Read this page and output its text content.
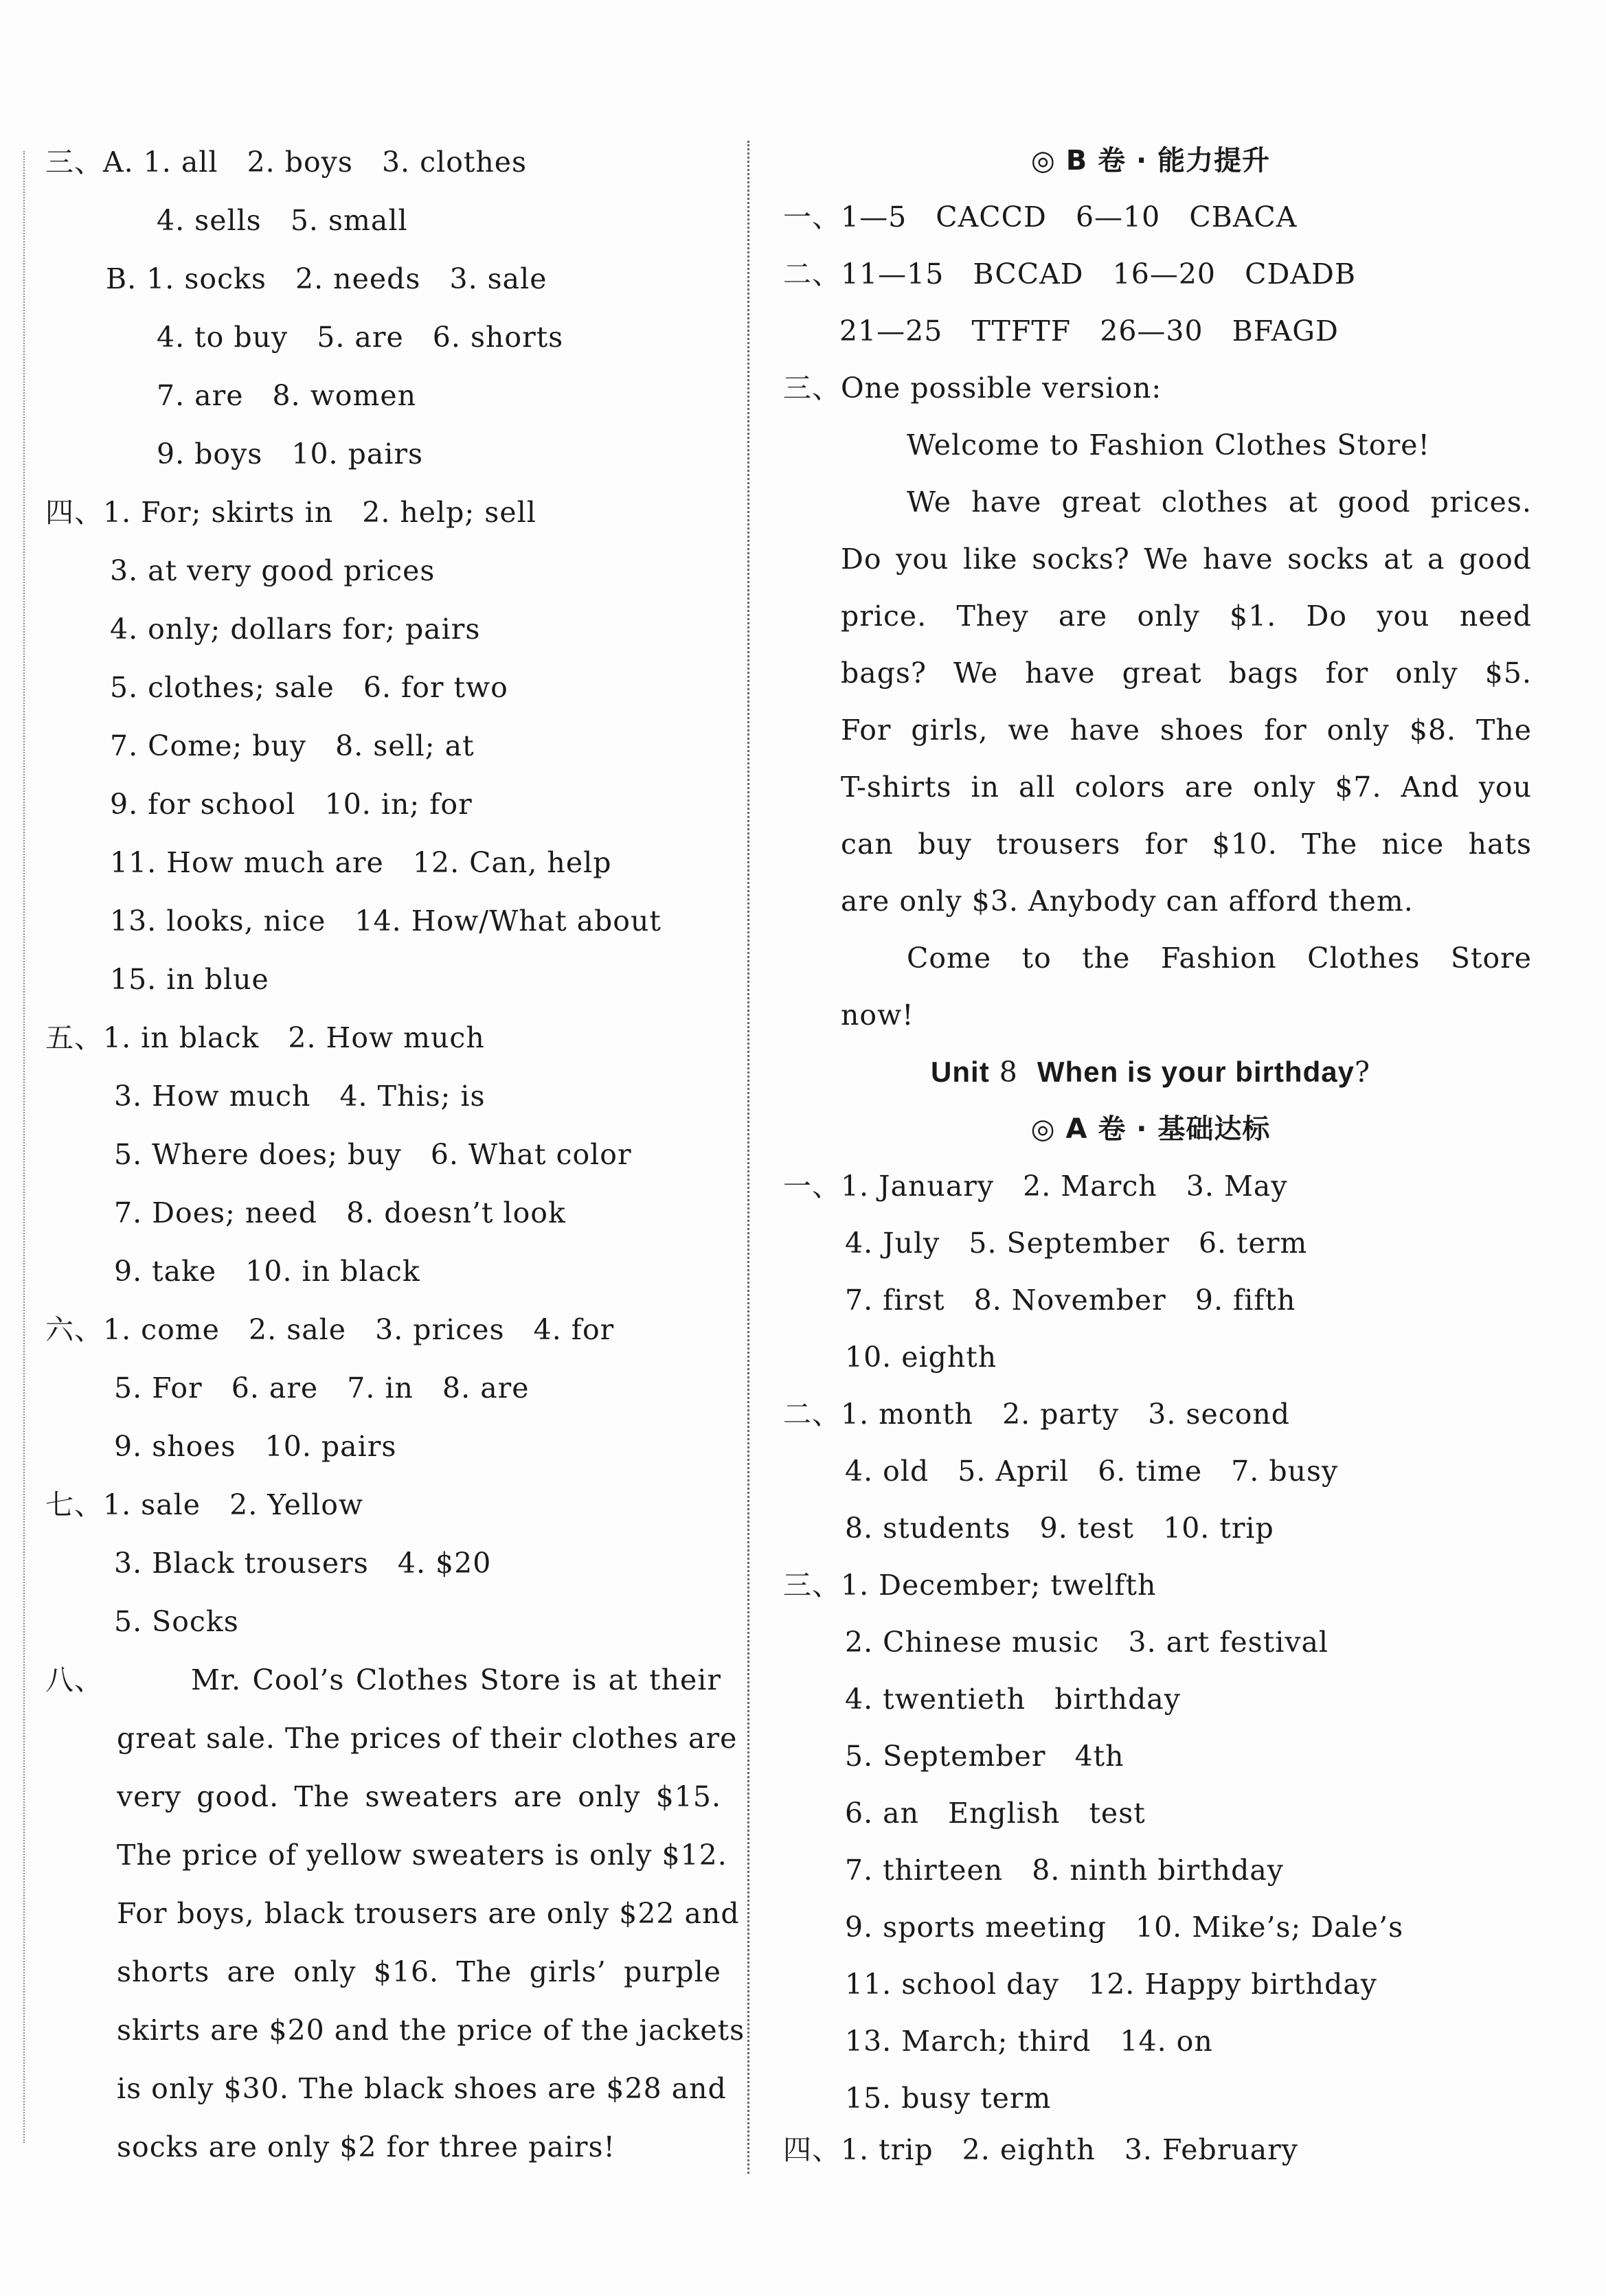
三、A. 1. all   2. boys   3. clothes
4. sells   5. small
B. 1. socks   2. needs   3. sale
4. to buy   5. are   6. shorts
7. are   8. women
9. boys   10. pairs
四、1. For; skirts in   2. help; sell
3. at very good prices
4. only; dollars for; pairs
5. clothes; sale   6. for two
7. Come; buy   8. sell; at
9. for school   10. in; for
11. How much are   12. Can, help
13. looks, nice   14. How/What about
15. in blue
五、1. in black   2. How much
3. How much   4. This; is
5. Where does; buy   6. What color
7. Does; need   8. doesn’t look
9. take   10. in black
六、1. come   2. sale   3. prices   4. for
5. For   6. are   7. in   8. are
9. shoes   10. pairs
七、1. sale   2. Yellow
3. Black trousers   4. $20
5. Socks
八、	Mr. Cool’s Clothes Store is at their
great sale. The prices of their clothes are
very good. The sweaters are only $15.
The price of yellow sweaters is only $12.
For boys, black trousers are only $22 and
shorts are only $16. The girls’ purple
skirts are $20 and the price of the jackets
is only $30. The black shoes are $28 and
socks are only $2 for three pairs!
◎ B 卷 · 能力提升
一、1—5   CACCD   6—10   CBACA
二、11—15   BCCAD   16—20   CDADB
21—25   TTFTF   26—30   BFAGD
三、One possible version:
Welcome to Fashion Clothes Store!
We have great clothes at good prices.
Do you like socks? We have socks at a good
price.  They  are  only  $1.  Do  you  need
bags? We have great bags for only $5.
For girls, we have shoes for only $8. The
T-shirts in all colors are only $7. And you
can buy trousers for $10. The nice hats
are only $3. Anybody can afford them.
Come  to  the  Fashion  Clothes  Store
now!
Unit 8 When is your birthday?
◎ A 卷 · 基础达标
一、1. January   2. March   3. May
4. July   5. September   6. term
7. first   8. November   9. fifth
10. eighth
二、1. month   2. party   3. second
4. old   5. April   6. time   7. busy
8. students   9. test   10. trip
三、1. December; twelfth
2. Chinese music   3. art festival
4. twentieth   birthday
5. September   4th
6. an   English   test
7. thirteen   8. ninth birthday
9. sports meeting   10. Mike’s; Dale’s
11. school day   12. Happy birthday
13. March; third   14. on
15. busy term
四、1. trip   2. eighth   3. February
